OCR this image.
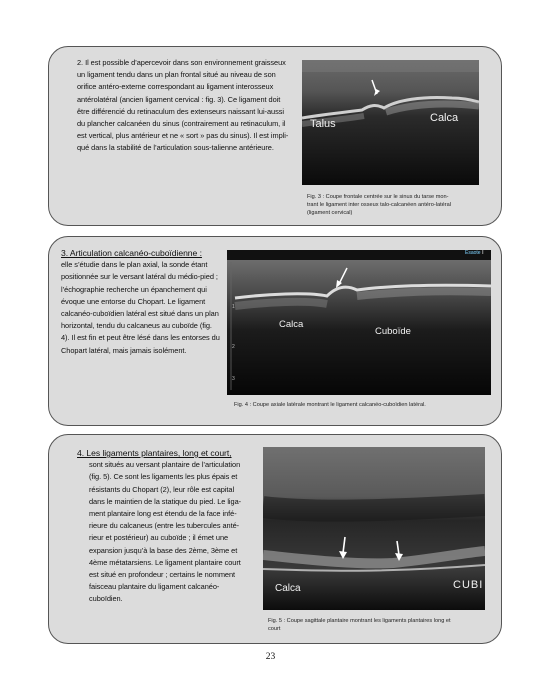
2. Il est possible d’apercevoir dans son environnement graisseux

un ligament tendu dans un plan frontal situé au niveau de son

orifice antéro-externe correspondant au ligament interosseux

antérolatéral (ancien ligament cervical : fig. 3). Ce ligament doit

être différencié du retinaculum des extenseurs naissant lui-aussi

du plancher calcanéen du sinus (contrairement au retinaculum, il

est vertical, plus antérieur et ne « sort » pas du sinus). Il est impli-

qué dans la stabilité de l’articulation sous-talienne antérieure.

Talus	Calca
Fig. 3 : Coupe frontale centrée sur le sinus du tarse mon-
trant le ligament inter osseux talo-calcanéen antéro-latéral
(ligament cervical)

3. Articulation calcanéo-cuboïdienne :

elle s’étudie dans le plan axial, la sonde étant

positionnée sur le versant latéral du médio-pied ;

l’échographie recherche un épanchement qui

évoque une entorse du Chopart. Le ligament

calcanéo-cuboïdien latéral est situé dans un plan

horizontal, tendu du calcaneus au cuboïde (fig.

4). Il est fin et peut être lésé dans les entorses du

Chopart latéral, mais jamais isolément.

1
2
3
Esaote T
Calca
Cuboïde
Fig. 4 : Coupe axiale latérale montrant le ligament calcanéo-cuboïdien latéral.

4. Les ligaments plantaires, long et court,

sont situés au versant plantaire de l’articulation

(fig. 5). Ce sont les ligaments les plus épais et

résistants du Chopart (2), leur rôle est capital

dans le maintien de la statique du pied. Le liga-

ment plantaire long est étendu de la face infé-

rieure du calcaneus (entre les tubercules anté-

rieur et postérieur) au cuboïde ; il émet une

expansion jusqu’à la base des 2ème, 3ème et

4ème métatarsiens. Le ligament plantaire court

est situé en profondeur ; certains le nomment

faisceau plantaire du ligament calcanéo-

cuboïdien.

Calca	CUBI
Fig. 5 : Coupe sagittale plantaire montrant les ligaments plantaires long et
court
23
